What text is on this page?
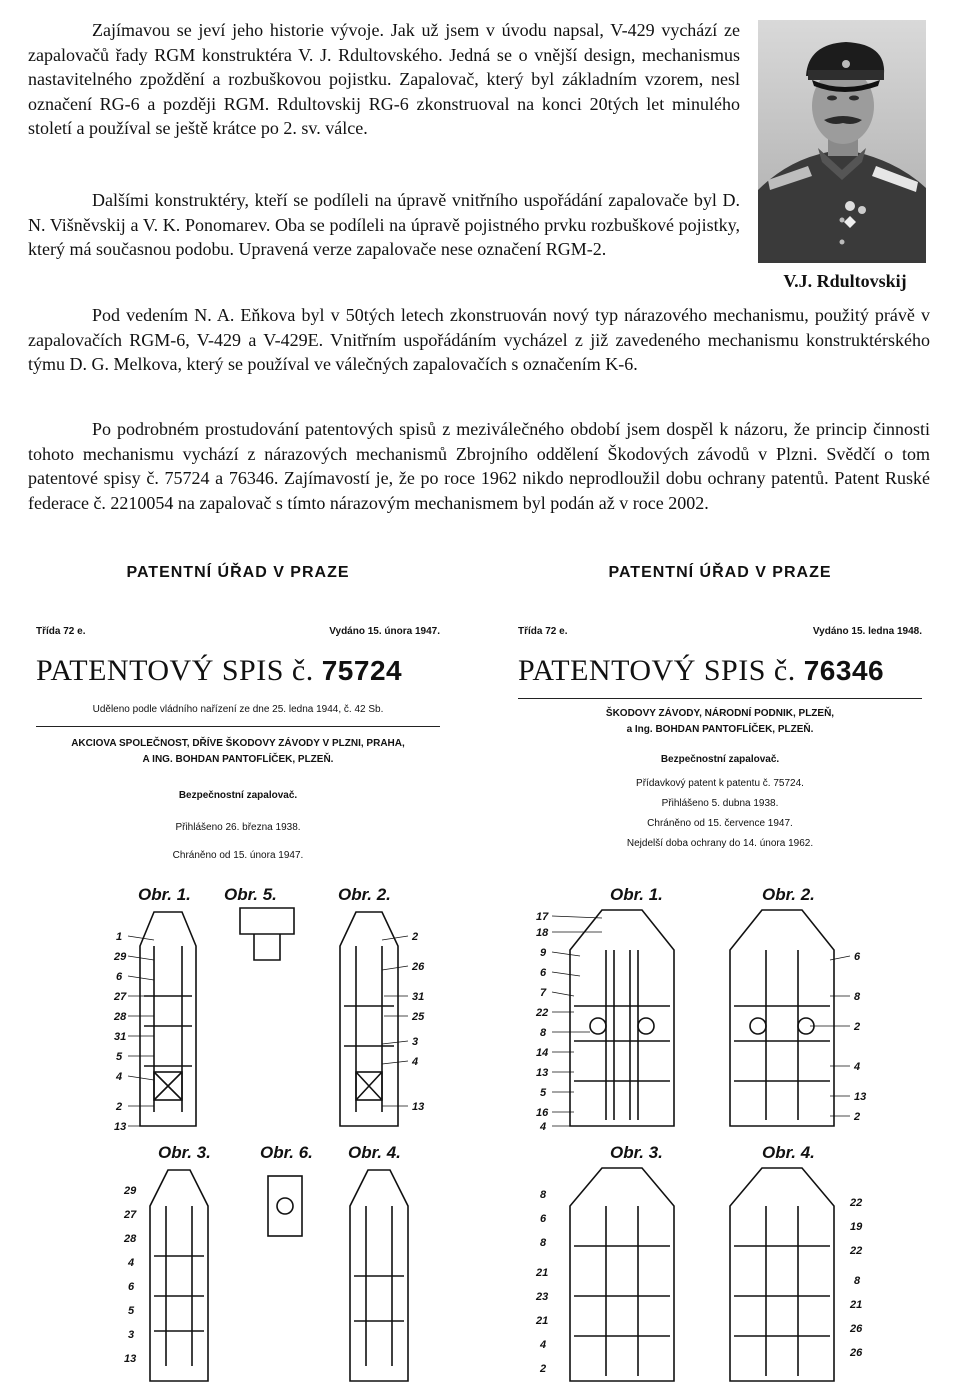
Zajímavou se jeví jeho historie vývoje. Jak už jsem v úvodu napsal, V-429 vychází ze zapalovačů řady RGM konstruktéra V. J. Rdultovského. Jedná se o vnější design, mechanismus nastavitelného zpoždění a rozbuškovou pojistku. Zapalovač, který byl základním vzorem, nesl označení RG-6 a později RGM. Rdultovskij RG-6 zkonstruoval na konci 20tých let minulého století a používal se ještě krátce po 2. sv. válce.

Dalšími konstruktéry, kteří se podíleli na úpravě vnitřního uspořádání zapalovače byl D. N. Višněvskij a V. K. Ponomarev. Oba se podíleli na úpravě pojistného prvku rozbuškové pojistky, který má současnou podobu. Upravená verze zapalovače nese označení RGM-2.

V.J. Rdultovskij

Pod vedením N. A. Eňkova byl v 50tých letech zkonstruován nový typ nárazového mechanismu, použitý právě v zapalovačích RGM-6, V-429 a V-429E. Vnitřním uspořádáním vycházel z již zavedeného mechanismu konstruktérského týmu D. G. Melkova, který se používal ve válečných zapalovačích s označením K-6.

Po podrobném prostudování patentových spisů z meziválečného období jsem dospěl k názoru, že princip činnosti tohoto mechanismu vychází z nárazových mechanismů Zbrojního oddělení Škodových závodů v Plzni. Svědčí o tom patentové spisy č. 75724 a 76346. Zajímavostí je, že po roce 1962 nikdo neprodloužil dobu ochrany patentů. Patent Ruské federace č. 2210054 na zapalovač s tímto nárazovým mechanismem byl podán až v roce 2002.

PATENTNÍ ÚŘAD V PRAZE
Třída 72 e.	Vydáno 15. února 1947.
PATENTOVÝ SPIS č. 75724
Uděleno podle vládního nařízení ze dne 25. ledna 1944, č. 42 Sb.
AKCIOVA SPOLEČNOST, DŘÍVE ŠKODOVY ZÁVODY V PLZNI, PRAHA,
A ING. BOHDAN PANTOFLÍČEK, PLZEŇ.
Bezpečnostní zapalovač.
Přihlášeno 26. března 1938.
Chráněno od 15. února 1947.
Obr. 1. Obr. 5.	Obr. 2.
Obr. 3.	Obr. 6. Obr. 4.
1
29
6
27
28
31
5
4
2
13
2
26
31
25
3
4
13
29
27
28
4
6
5
3
13
PATENTNÍ ÚŘAD V PRAZE
Třída 72 e.	Vydáno 15. ledna 1948.
PATENTOVÝ SPIS č. 76346
ŠKODOVY ZÁVODY, NÁRODNÍ PODNIK, PLZEŇ,
a Ing. BOHDAN PANTOFLÍČEK, PLZEŇ.
Bezpečnostní zapalovač.
Přídavkový patent k patentu č. 75724.
Přihlášeno 5. dubna 1938.
Chráněno od 15. července 1947.
Nejdelší doba ochrany do 14. února 1962.
Obr. 1.	Obr. 2.
Obr. 3.	Obr. 4.
17
18
9
6
7
22
8
14
13
5
16
4
6
8
2
4
13
2
8
6
8
21
23
21
4
2
22
19
22
8
21
26
26
